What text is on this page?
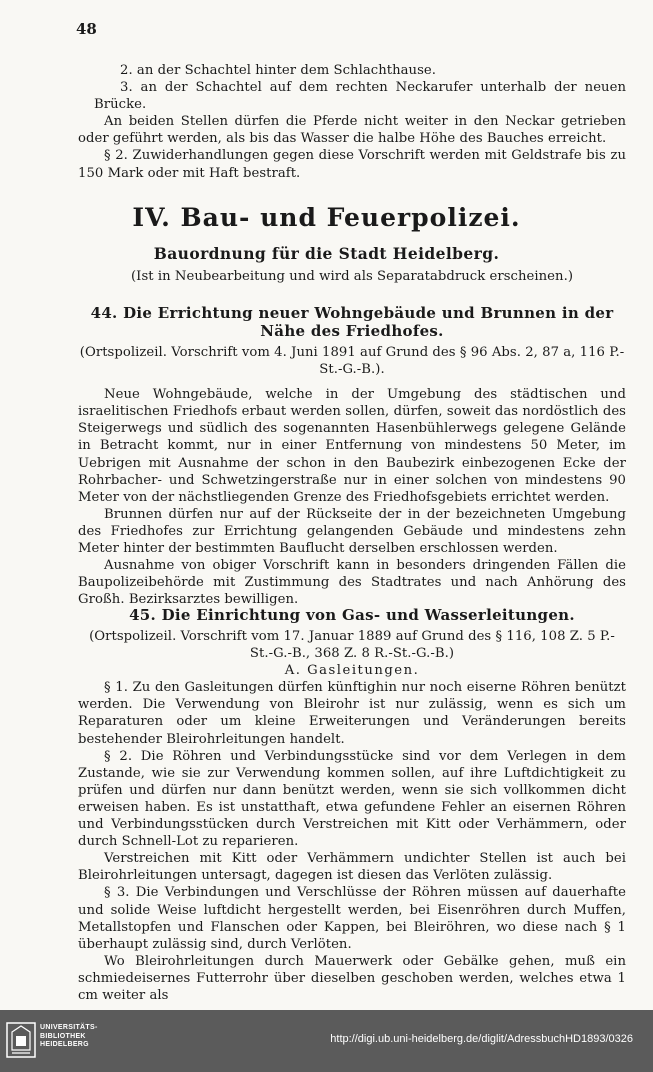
48

2. an der Schachtel hinter dem Schlachthause.

3. an der Schachtel auf dem rechten Neckarufer unterhalb der neuen Brücke.

An beiden Stellen dürfen die Pferde nicht weiter in den Neckar getrieben oder geführt werden, als bis das Wasser die halbe Höhe des Bauches erreicht.

§ 2. Zuwiderhandlungen gegen diese Vorschrift werden mit Geldstrafe bis zu 150 Mark oder mit Haft bestraft.

IV. Bau- und Feuerpolizei.
Bauordnung für die Stadt Heidelberg.

(Ist in Neubearbeitung und wird als Separatabdruck erscheinen.)

44. Die Errichtung neuer Wohngebäude und Brunnen in der Nähe des Friedhofes.

(Ortspolizeil. Vorschrift vom 4. Juni 1891 auf Grund des § 96 Abs. 2, 87 a, 116 P.-St.-G.-B.).

Neue Wohngebäude, welche in der Umgebung des städtischen und israelitischen Friedhofs erbaut werden sollen, dürfen, soweit das nordöstlich des Steigerwegs und südlich des sogenannten Hasenbühlerwegs gelegene Gelände in Betracht kommt, nur in einer Entfernung von mindestens 50 Meter, im Uebrigen mit Ausnahme der schon in den Baubezirk einbezogenen Ecke der Rohrbacher- und Schwetzingerstraße nur in einer solchen von mindestens 90 Meter von der nächstliegenden Grenze des Friedhofsgebiets errichtet werden.

Brunnen dürfen nur auf der Rückseite der in der bezeichneten Umgebung des Friedhofes zur Errichtung gelangenden Gebäude und mindestens zehn Meter hinter der bestimmten Bauflucht derselben erschlossen werden.

Ausnahme von obiger Vorschrift kann in besonders dringenden Fällen die Baupolizeibehörde mit Zustimmung des Stadtrates und nach Anhörung des Großh. Bezirksarztes bewilligen.

45. Die Einrichtung von Gas- und Wasserleitungen.

(Ortspolizeil. Vorschrift vom 17. Januar 1889 auf Grund des § 116, 108 Z. 5 P.-St.-G.-B., 368 Z. 8 R.-St.-G.-B.)

A. Gasleitungen.

§ 1. Zu den Gasleitungen dürfen künftighin nur noch eiserne Röhren benützt werden. Die Verwendung von Bleirohr ist nur zulässig, wenn es sich um Reparaturen oder um kleine Erweiterungen und Veränderungen bereits bestehender Bleirohrleitungen handelt.

§ 2. Die Röhren und Verbindungsstücke sind vor dem Verlegen in dem Zustande, wie sie zur Verwendung kommen sollen, auf ihre Luftdichtigkeit zu prüfen und dürfen nur dann benützt werden, wenn sie sich vollkommen dicht erweisen haben. Es ist unstatthaft, etwa gefundene Fehler an eisernen Röhren und Verbindungsstücken durch Verstreichen mit Kitt oder Verhämmern, oder durch Schnell-Lot zu reparieren.

Verstreichen mit Kitt oder Verhämmern undichter Stellen ist auch bei Bleirohrleitungen untersagt, dagegen ist diesen das Verlöten zulässig.

§ 3. Die Verbindungen und Verschlüsse der Röhren müssen auf dauerhafte und solide Weise luftdicht hergestellt werden, bei Eisenröhren durch Muffen, Metallstopfen und Flanschen oder Kappen, bei Bleiröhren, wo diese nach § 1 überhaupt zulässig sind, durch Verlöten.

Wo Bleirohrleitungen durch Mauerwerk oder Gebälke gehen, muß ein schmiedeisernes Futterrohr über dieselben geschoben werden, welches etwa 1 cm weiter als

UNIVERSITÄTS-
BIBLIOTHEK
HEIDELBERG	http://digi.ub.uni-heidelberg.de/diglit/AdressbuchHD1893/0326
